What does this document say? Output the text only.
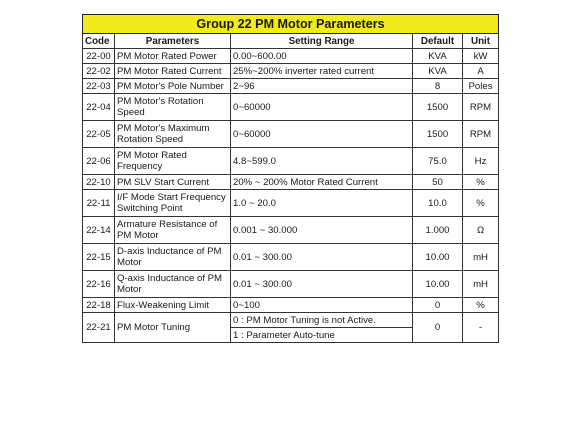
Group 22 PM Motor Parameters				
Code	Parameters	Setting Range	Default	Unit
22-00	PM Motor Rated Power	0.00~600.00	KVA	kW
22-02	PM Motor Rated Current	25%~200% inverter rated current	KVA	A
22-03	PM Motor's Pole Number	2~96	8	Poles
22-04	PM Motor's Rotation Speed	0~60000	1500	RPM
22-05	PM Motor's Maximum Rotation Speed	0~60000	1500	RPM
22-06	PM Motor Rated Frequency	4.8~599.0	75.0	Hz
22-10	PM SLV Start Current	20% ~ 200% Motor Rated Current	50	%
22-11	I/F Mode Start Frequency Switching Point	1.0 ~ 20.0	10.0	%
22-14	Armature Resistance of PM Motor	0.001 ~ 30.000	1.000	Ω
22-15	D-axis Inductance of PM Motor	0.01 ~ 300.00	10.00	mH
22-16	Q-axis Inductance of PM Motor	0.01 ~ 300.00	10.00	mH
22-18	Flux-Weakening Limit	0~100	0	%
22-21	PM Motor Tuning	0 : PM Motor Tuning is not Active.	0	-
		1 : Parameter Auto-tune		
